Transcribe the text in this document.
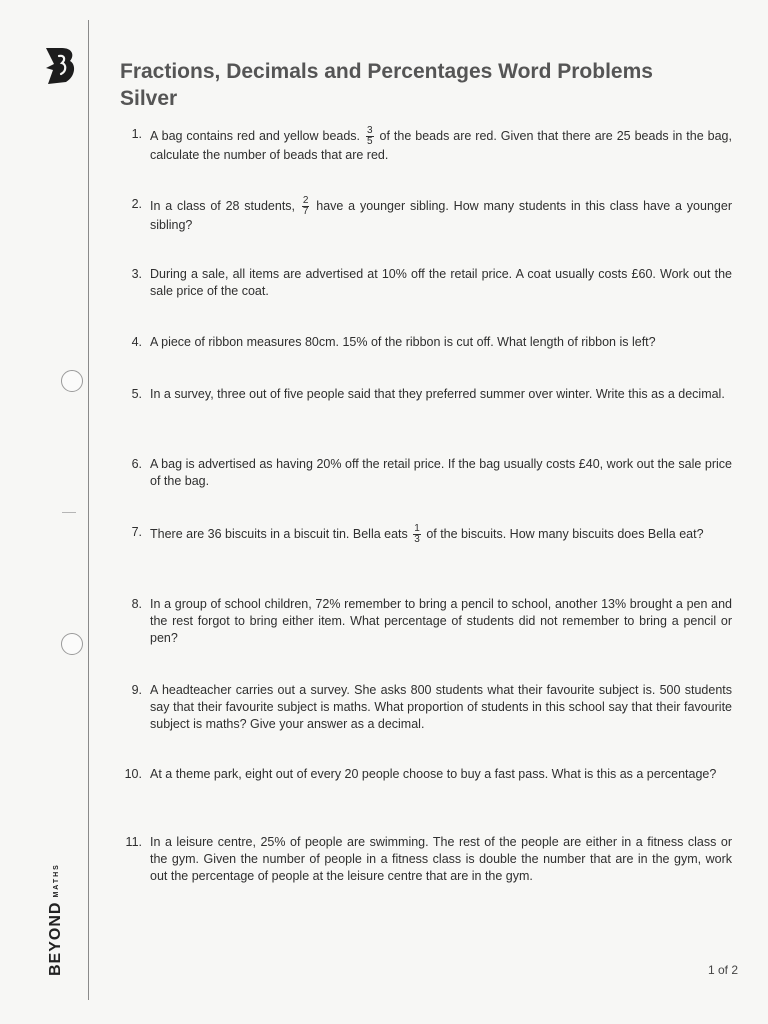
BEYONDMATHS
Fractions, Decimals and Percentages Word Problems
Silver
1. A bag contains red and yellow beads. $\frac{3}{5}$ of the beads are red. Given that there are 25 beads in the bag, calculate the number of beads that are red.
2. In a class of 28 students, $\frac{2}{7}$ have a younger sibling. How many students in this class have a younger sibling?
3. During a sale, all items are advertised at 10% off the retail price. A coat usually costs £60. Work out the sale price of the coat.
4. A piece of ribbon measures 80cm. 15% of the ribbon is cut off. What length of ribbon is left?
5. In a survey, three out of five people said that they preferred summer over winter. Write this as a decimal.
6. A bag is advertised as having 20% off the retail price. If the bag usually costs £40, work out the sale price of the bag.
7. There are 36 biscuits in a biscuit tin. Bella eats $\frac{1}{3}$ of the biscuits. How many biscuits does Bella eat?
8. In a group of school children, 72% remember to bring a pencil to school, another 13% brought a pen and the rest forgot to bring either item. What percentage of students did not remember to bring a pencil or pen?
9. A headteacher carries out a survey. She asks 800 students what their favourite subject is. 500 students say that their favourite subject is maths. What proportion of students in this school say that their favourite subject is maths? Give your answer as a decimal.
10. At a theme park, eight out of every 20 people choose to buy a fast pass. What is this as a percentage?
11. In a leisure centre, 25% of people are swimming. The rest of the people are either in a fitness class or the gym. Given the number of people in a fitness class is double the number that are in the gym, work out the percentage of people at the leisure centre that are in the gym.
1 of 2
